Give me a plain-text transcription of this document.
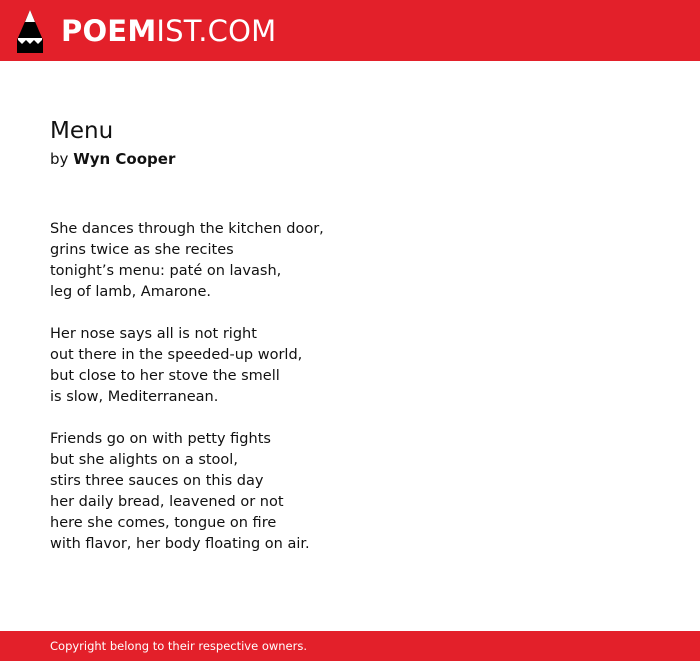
POEMIST.COM
Menu
by Wyn Cooper
She dances through the kitchen door,
grins twice as she recites
tonight’s menu: paté on lavash,
leg of lamb, Amarone.
Her nose says all is not right
out there in the speeded-up world,
but close to her stove the smell
is slow, Mediterranean.
Friends go on with petty fights
but she alights on a stool,
stirs three sauces on this day
her daily bread, leavened or not
here she comes, tongue on fire
with flavor, her body floating on air.
Copyright belong to their respective owners.
